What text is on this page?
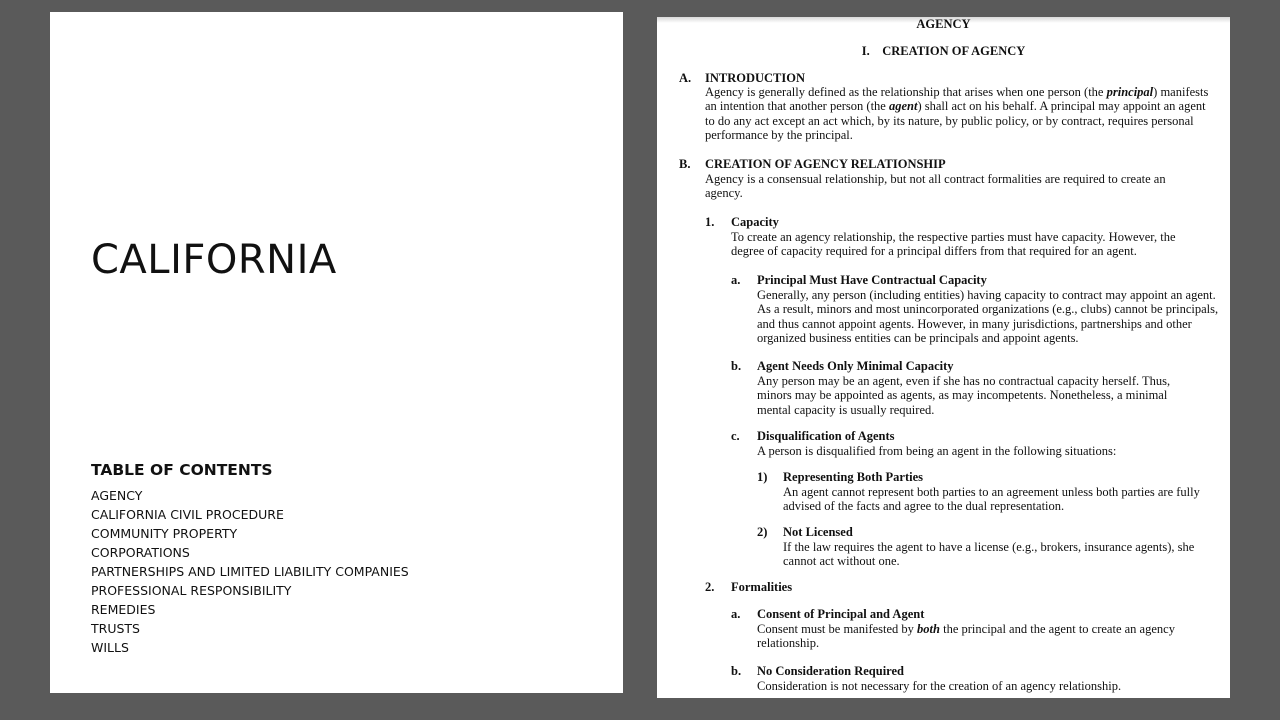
CALIFORNIA
TABLE OF CONTENTS
AGENCY
CALIFORNIA CIVIL PROCEDURE
COMMUNITY PROPERTY
CORPORATIONS
PARTNERSHIPS AND LIMITED LIABILITY COMPANIES
PROFESSIONAL RESPONSIBILITY
REMEDIES
TRUSTS
WILLS
AGENCY
I.    CREATION OF AGENCY
A. INTRODUCTION

Agency is generally defined as the relationship that arises when one person (the principal) manifests an intention that another person (the agent) shall act on his behalf. A principal may appoint an agent to do any act except an act which, by its nature, by public policy, or by contract, requires personal performance by the principal.

B. CREATION OF AGENCY RELATIONSHIP

Agency is a consensual relationship, but not all contract formalities are required to create an agency.

1. Capacity

To create an agency relationship, the respective parties must have capacity. However, the degree of capacity required for a principal differs from that required for an agent.

a. Principal Must Have Contractual Capacity

Generally, any person (including entities) having capacity to contract may appoint an agent. As a result, minors and most unincorporated organizations (e.g., clubs) cannot be principals, and thus cannot appoint agents. However, in many jurisdictions, partnerships and other organized business entities can be principals and appoint agents.

b. Agent Needs Only Minimal Capacity

Any person may be an agent, even if she has no contractual capacity herself. Thus, minors may be appointed as agents, as may incompetents. Nonetheless, a minimal mental capacity is usually required.

c. Disqualification of Agents

A person is disqualified from being an agent in the following situations:

1) Representing Both Parties

An agent cannot represent both parties to an agreement unless both parties are fully advised of the facts and agree to the dual representation.

2) Not Licensed

If the law requires the agent to have a license (e.g., brokers, insurance agents), she cannot act without one.

2. Formalities
a. Consent of Principal and Agent

Consent must be manifested by both the principal and the agent to create an agency relationship.

b. No Consideration Required

Consideration is not necessary for the creation of an agency relationship.
